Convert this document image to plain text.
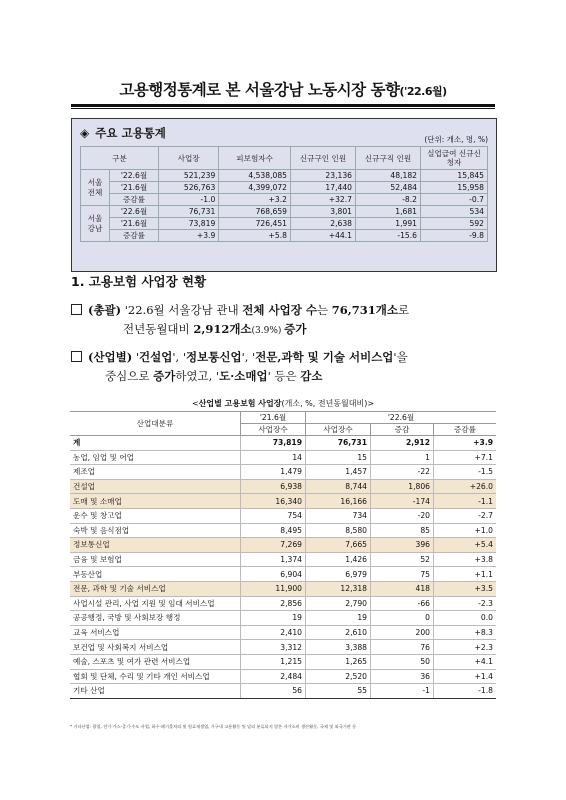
고용행정통계로 본 서울강남 노동시장 동향('22.6월)
◈ 주요 고용통계	(단위: 개소, 명, %)
구분		사업장	피보험자수	신규구인 인원	신규구직 인원	실업급여 신규신청자
서울 전체	'22.6월	521,239	4,538,085	23,136	48,182	15,845
	'21.6월	526,763	4,399,072	17,440	52,484	15,958
	증감률	-1.0	+3.2	+32.7	-8.2	-0.7
서울 강남	'22.6월	76,731	768,659	3,801	1,681	534
	'21.6월	73,819	726,451	2,638	1,991	592
	증감률	+3.9	+5.8	+44.1	-15.6	-9.8
1. 고용보험 사업장 현황
(총괄) '22.6월 서울강남 관내 전체 사업장 수는 76,731개소로
전년동월대비 2,912개소(3.9%) 증가
(산업별) '건설업', '정보통신업', '전문,과학 및 기술 서비스업'을
중심으로 증가하였고, '도·소매업' 등은 감소
<산업별 고용보험 사업장(개소, %, 전년동월대비)>
산업대분류	'21.6월	'22.6월		
	사업장수	사업장수	증감	증감률
계	73,819	76,731	2,912	+3.9
농업, 임업 및 어업	14	15	1	+7.1
제조업	1,479	1,457	-22	-1.5
건설업	6,938	8,744	1,806	+26.0
도매 및 소매업	16,340	16,166	-174	-1.1
운수 및 창고업	754	734	-20	-2.7
숙박 및 음식점업	8,495	8,580	85	+1.0
정보통신업	7,269	7,665	396	+5.4
금융 및 보험업	1,374	1,426	52	+3.8
부동산업	6,904	6,979	75	+1.1
전문, 과학 및 기술 서비스업	11,900	12,318	418	+3.5
사업시설 관리, 사업 지원 및 임대 서비스업	2,856	2,790	-66	-2.3
공공행정, 국방 및 사회보장 행정	19	19	0	0.0
교육 서비스업	2,410	2,610	200	+8.3
보건업 및 사회복지 서비스업	3,312	3,388	76	+2.3
예술, 스포츠 및 여가 관련 서비스업	1,215	1,265	50	+4.1
협회 및 단체, 수리 및 기타 개인 서비스업	2,484	2,520	36	+1.4
기타 산업	56	55	-1	-1.8
* 기타산업: 광업, 전기·가스·증기·수도 사업, 하수·폐기물처리 및 원료재생업, 가구내 고용활동 및 달리 분류되지 않은 자가소비 생산활동, 국제 및 외국기관 등
